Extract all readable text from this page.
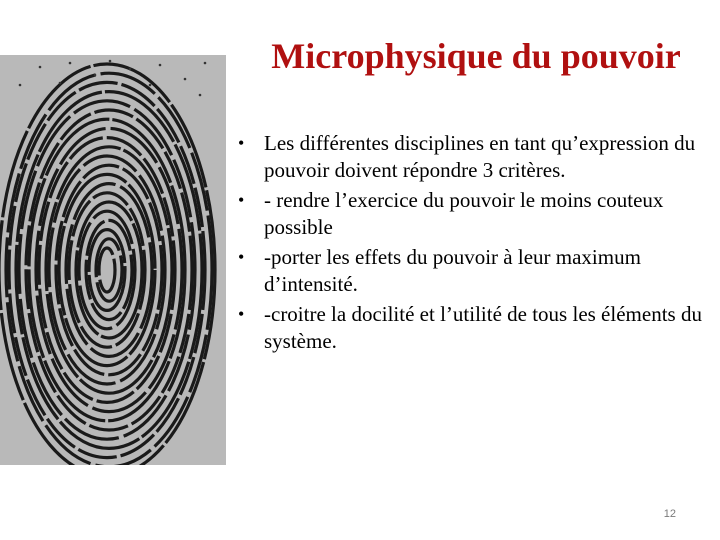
Microphysique du pouvoir
• Les différentes disciplines en tant qu’expression du pouvoir doivent répondre 3 critères.
• - rendre l’exercice du pouvoir le moins couteux possible
• -porter les effets du pouvoir à leur maximum d’intensité.
• -croitre la docilité et l’utilité de tous les éléments du système.
12
